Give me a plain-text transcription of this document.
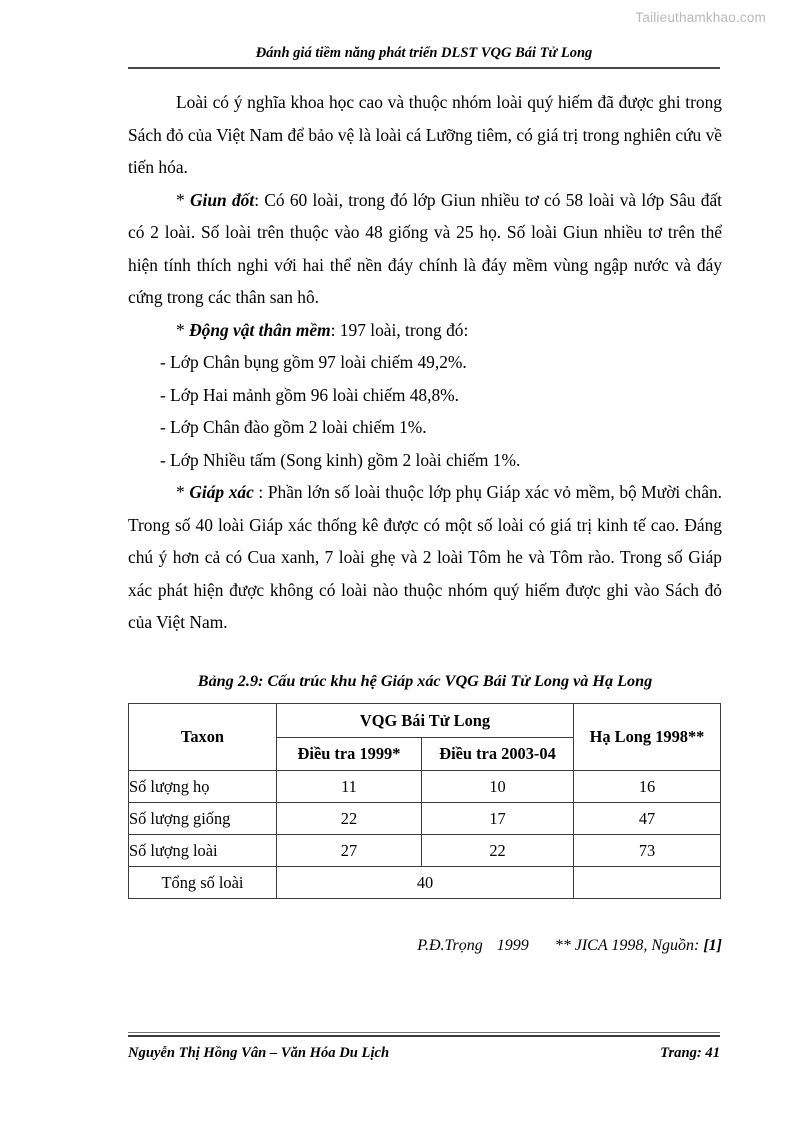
Tailieuthamkhao.com
Đánh giá tiềm năng phát triển DLST VQG Bái Tử Long

Loài có ý nghĩa khoa học cao và thuộc nhóm loài quý hiếm đã được ghi trong Sách đỏ của Việt Nam để bảo vệ là loài cá Lưỡng tiêm, có giá trị trong nghiên cứu về tiến hóa.

* Giun đốt: Có 60 loài, trong đó lớp Giun nhiều tơ có 58 loài và lớp Sâu đất có 2 loài. Số loài trên thuộc vào 48 giống và 25 họ. Số loài Giun nhiều tơ trên thể hiện tính thích nghi với hai thể nền đáy chính là đáy mềm vùng ngập nước và đáy cứng trong các thân san hô.

* Động vật thân mềm: 197 loài, trong đó:

- Lớp Chân bụng gồm 97 loài chiếm 49,2%.

- Lớp Hai mảnh gồm 96 loài chiếm 48,8%.

- Lớp Chân đào gồm 2 loài chiếm 1%.

- Lớp Nhiều tấm (Song kinh) gồm 2 loài chiếm 1%.

* Giáp xác : Phần lớn số loài thuộc lớp phụ Giáp xác vỏ mềm, bộ Mười chân. Trong số 40 loài Giáp xác thống kê được có một số loài có giá trị kinh tế cao. Đáng chú ý hơn cả có Cua xanh, 7 loài ghẹ và 2 loài Tôm he và Tôm rào. Trong số Giáp xác phát hiện được không có loài nào thuộc nhóm quý hiếm được ghi vào Sách đỏ của Việt Nam.

Bảng 2.9: Cấu trúc khu hệ Giáp xác VQG Bái Tử Long và Hạ Long
Taxon	VQG Bái Tử Long		Hạ Long 1998**
	Điều tra 1999*	Điều tra 2003-04	
Số lượng họ	11	10	16
Số lượng giống	22	17	47
Số lượng loài	27	22	73
Tổng số loài	40		
P.Đ.Trọng 1999 ** JICA 1998, Nguồn: [1]
Nguyễn Thị Hồng Vân – Văn Hóa Du Lịch	Trang: 41
